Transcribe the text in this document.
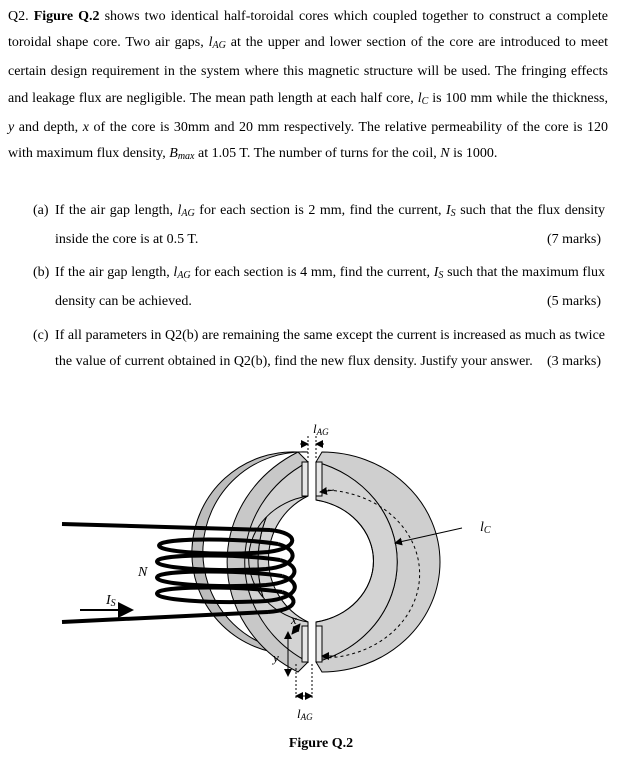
Q2. Figure Q.2 shows two identical half-toroidal cores which coupled together to construct a complete toroidal shape core. Two air gaps, $l_{AG}$ at the upper and lower section of the core are introduced to meet certain design requirement in the system where this magnetic structure will be used. The fringing effects and leakage flux are negligible. The mean path length at each half core, $l_C$ is 100 mm while the thickness, y and depth, x of the core is 30mm and 20 mm respectively. The relative permeability of the core is 120 with maximum flux density, $B_{max}$ at 1.05 T. The number of turns for the coil, N is 1000.
(a) If the air gap length, $l_{AG}$ for each section is 2 mm, find the current, $I_S$ such that the flux density inside the core is at 0.5 T.	(7 marks)
(b) If the air gap length, $l_{AG}$ for each section is 4 mm, find the current, $I_S$ such that the maximum flux density can be achieved.	(5 marks)
(c) If all parameters in Q2(b) are remaining the same except the current is increased as much as twice the value of current obtained in Q2(b), find the new flux density. Justify your answer.	(3 marks)
lAG
lAG
lC
N
IS
x
y
Figure Q.2
